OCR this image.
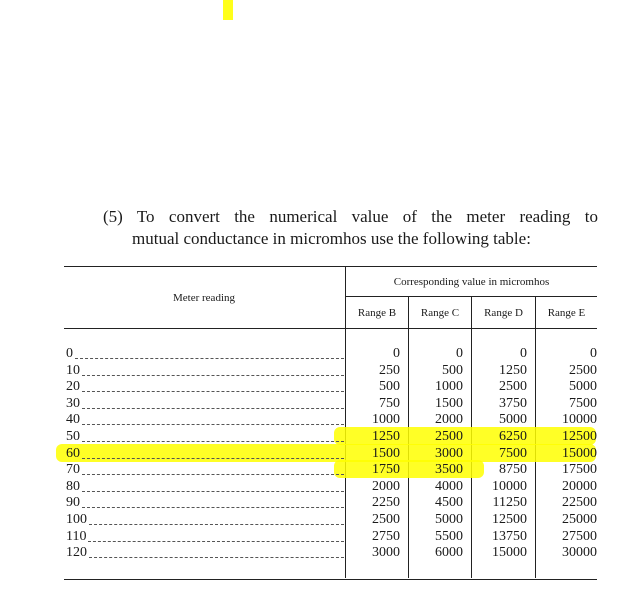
(5) To convert the numerical value of the meter reading to
mutual conductance in micromhos use the following table:
Meter reading
Corresponding value in micromhos
Range B	Range C	Range D	Range E
0	0	0	0	0
10	250	500	1250	2500
20	500	1000	2500	5000
30	750	1500	3750	7500
40	1000	2000	5000	10000
50	1250	2500	6250	12500
60	1500	3000	7500	15000
70	1750	3500	8750	17500
80	2000	4000	10000	20000
90	2250	4500	11250	22500
100	2500	5000	12500	25000
110	2750	5500	13750	27500
120	3000	6000	15000	30000
